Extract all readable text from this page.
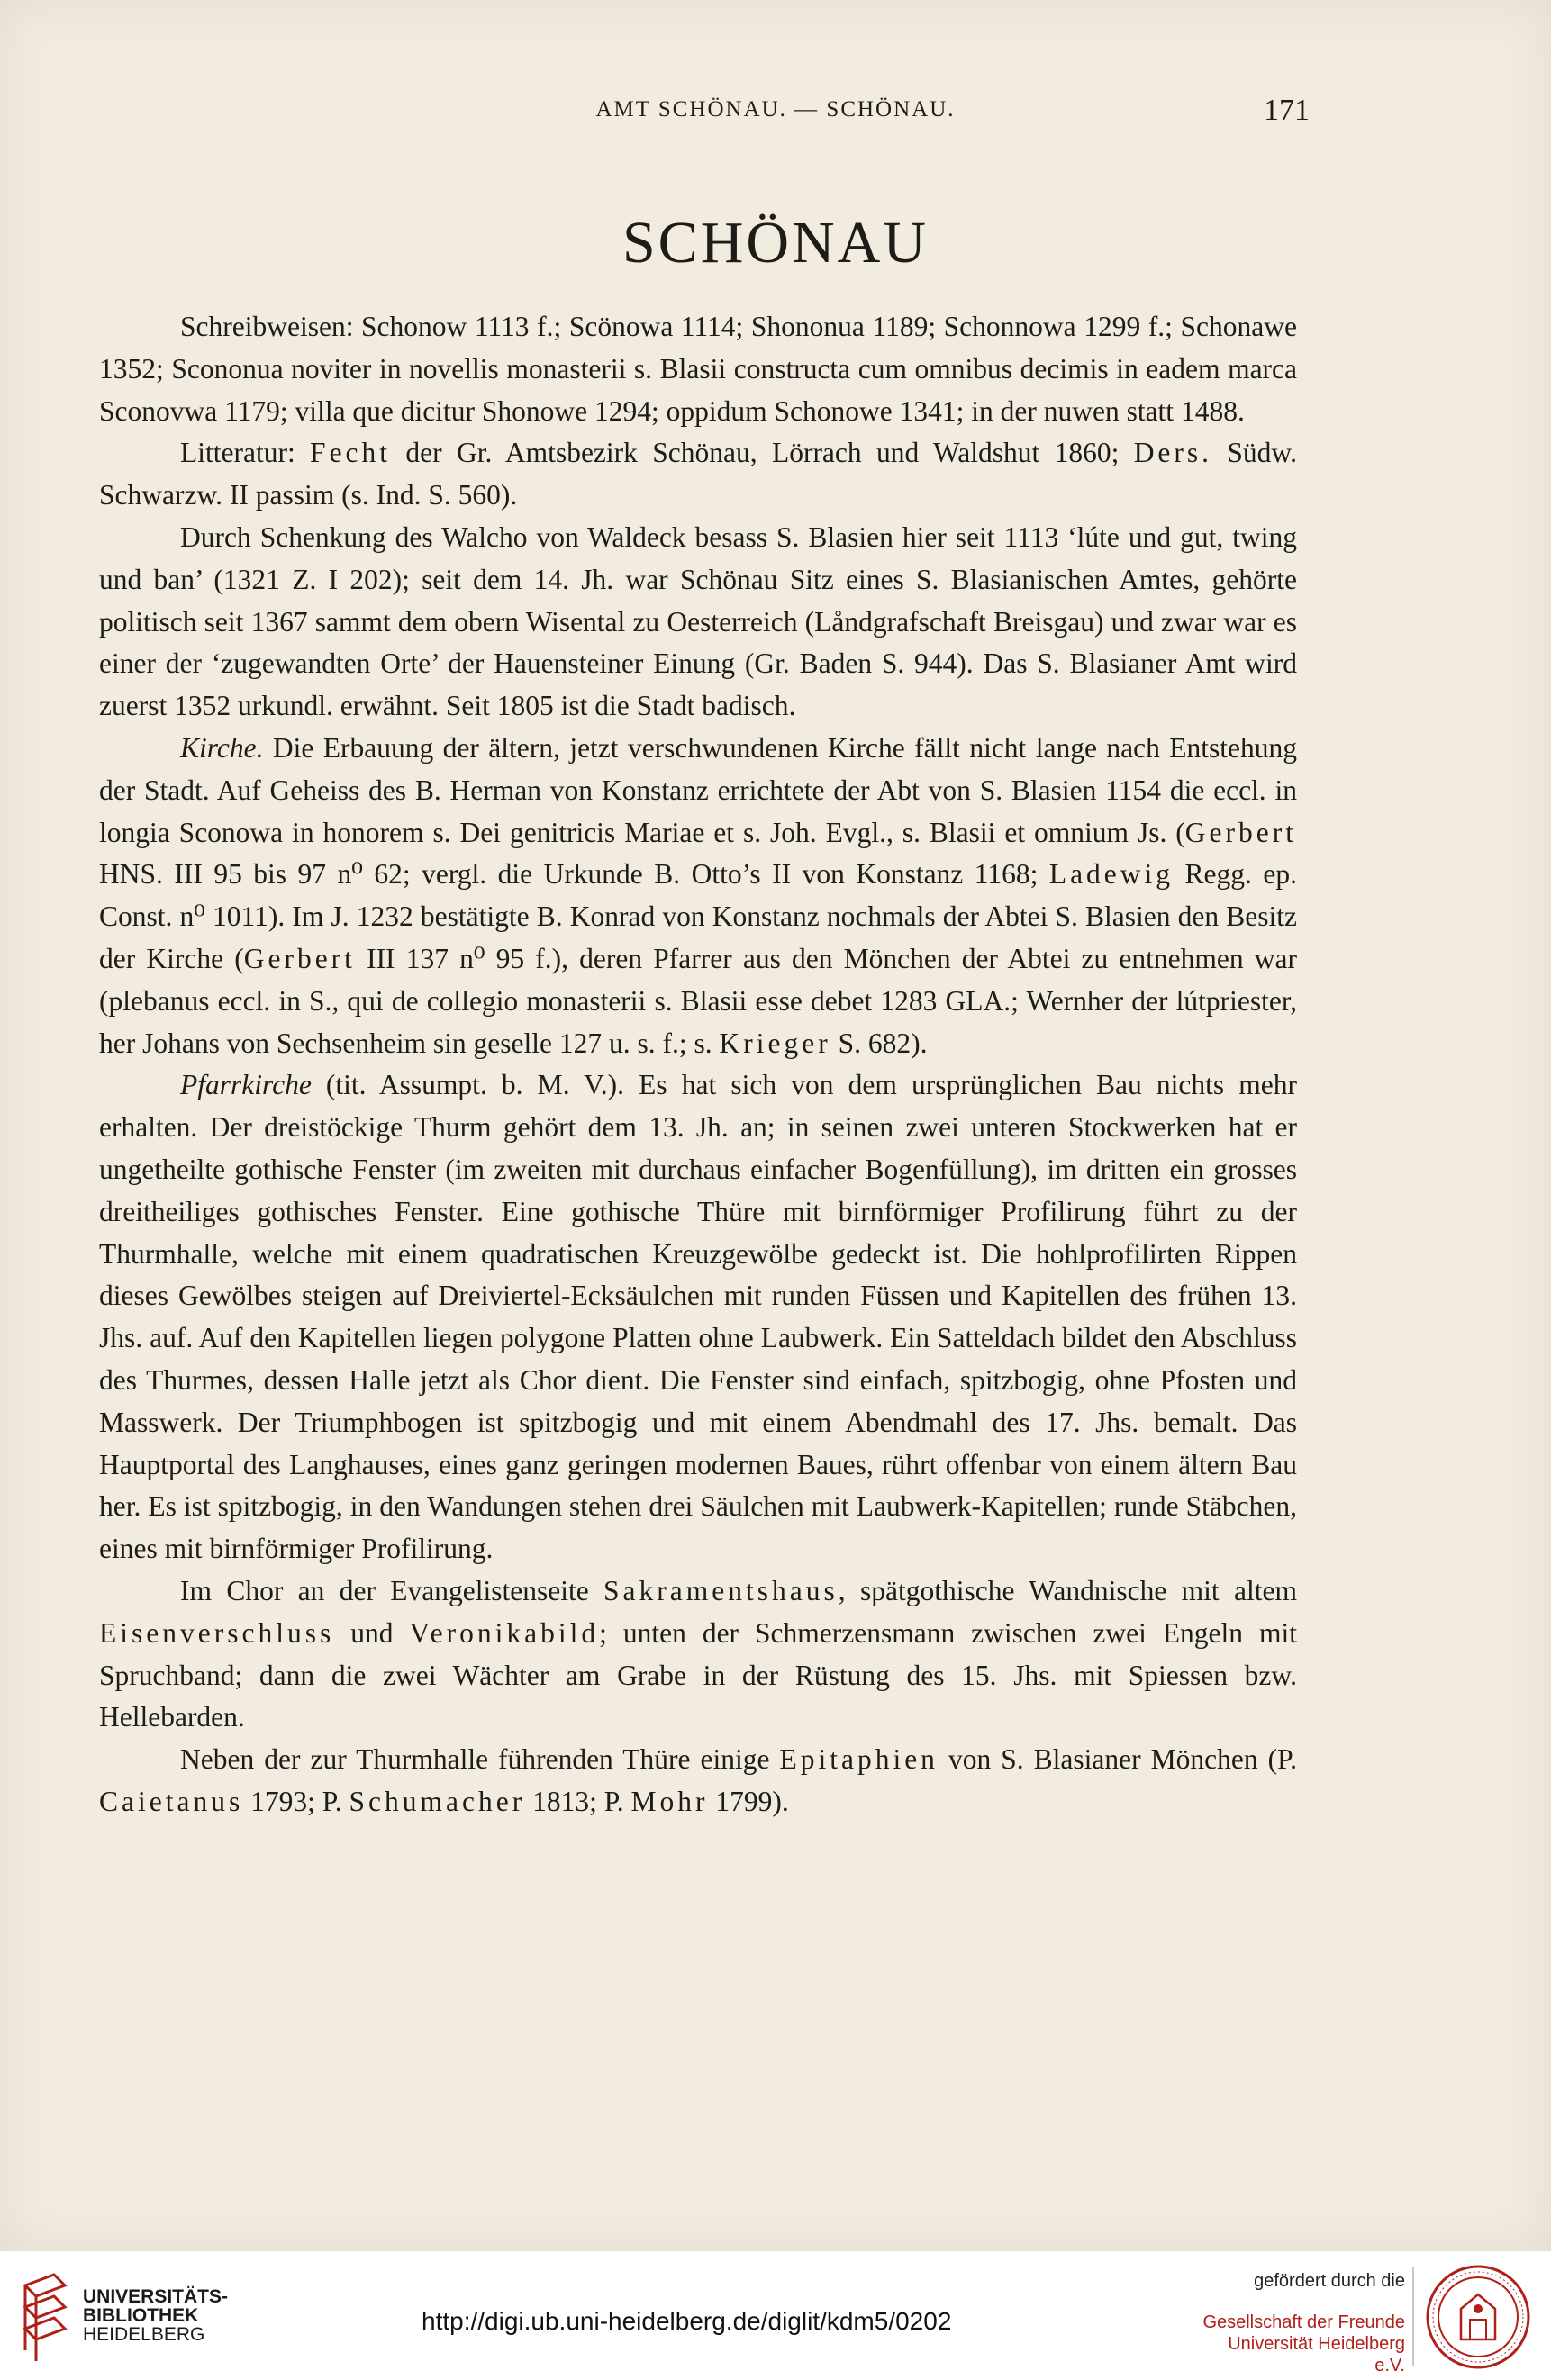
AMT SCHÖNAU. — SCHÖNAU.	171
SCHÖNAU

Schreibweisen: Schonow 1113 f.; Scönowa 1114; Shononua 1189; Schonnowa 1299 f.; Schonawe 1352; Scononua noviter in novellis monasterii s. Blasii constructa cum omnibus decimis in eadem marca Sconovwa 1179; villa que dicitur Shonowe 1294; oppidum Schonowe 1341; in der nuwen statt 1488.

Litteratur: Fecht der Gr. Amtsbezirk Schönau, Lörrach und Waldshut 1860; Ders. Südw. Schwarzw. II passim (s. Ind. S. 560).

Durch Schenkung des Walcho von Waldeck besass S. Blasien hier seit 1113 ‘lúte und gut, twing und ban’ (1321 Z. I 202); seit dem 14. Jh. war Schönau Sitz eines S. Blasianischen Amtes, gehörte politisch seit 1367 sammt dem obern Wisental zu Oesterreich (Låndgrafschaft Breisgau) und zwar war es einer der ‘zugewandten Orte’ der Hauensteiner Einung (Gr. Baden S. 944). Das S. Blasianer Amt wird zuerst 1352 urkundl. erwähnt. Seit 1805 ist die Stadt badisch.

Kirche. Die Erbauung der ältern, jetzt verschwundenen Kirche fällt nicht lange nach Entstehung der Stadt. Auf Geheiss des B. Herman von Konstanz errichtete der Abt von S. Blasien 1154 die eccl. in longia Sconowa in honorem s. Dei genitricis Mariae et s. Joh. Evgl., s. Blasii et omnium Js. (Gerbert HNS. III 95 bis 97 n⁰ 62; vergl. die Urkunde B. Otto’s II von Konstanz 1168; Ladewig Regg. ep. Const. n⁰ 1011). Im J. 1232 bestätigte B. Konrad von Konstanz nochmals der Abtei S. Blasien den Besitz der Kirche (Gerbert III 137 n⁰ 95 f.), deren Pfarrer aus den Mönchen der Abtei zu entnehmen war (plebanus eccl. in S., qui de collegio monasterii s. Blasii esse debet 1283 GLA.; Wernher der lútpriester, her Johans von Sechsenheim sin geselle 127 u. s. f.; s. Krieger S. 682).

Pfarrkirche (tit. Assumpt. b. M. V.). Es hat sich von dem ursprünglichen Bau nichts mehr erhalten. Der dreistöckige Thurm gehört dem 13. Jh. an; in seinen zwei unteren Stockwerken hat er ungetheilte gothische Fenster (im zweiten mit durchaus einfacher Bogenfüllung), im dritten ein grosses dreitheiliges gothisches Fenster. Eine gothische Thüre mit birnförmiger Profilirung führt zu der Thurmhalle, welche mit einem quadratischen Kreuzgewölbe gedeckt ist. Die hohlprofilirten Rippen dieses Gewölbes steigen auf Dreiviertel-Ecksäulchen mit runden Füssen und Kapitellen des frühen 13. Jhs. auf. Auf den Kapitellen liegen polygone Platten ohne Laubwerk. Ein Satteldach bildet den Abschluss des Thurmes, dessen Halle jetzt als Chor dient. Die Fenster sind einfach, spitzbogig, ohne Pfosten und Masswerk. Der Triumphbogen ist spitzbogig und mit einem Abendmahl des 17. Jhs. bemalt. Das Hauptportal des Langhauses, eines ganz geringen modernen Baues, rührt offenbar von einem ältern Bau her. Es ist spitzbogig, in den Wandungen stehen drei Säulchen mit Laubwerk-Kapitellen; runde Stäbchen, eines mit birnförmiger Profilirung.

Im Chor an der Evangelistenseite Sakramentshaus, spätgothische Wandnische mit altem Eisenverschluss und Veronikabild; unten der Schmerzensmann zwischen zwei Engeln mit Spruchband; dann die zwei Wächter am Grabe in der Rüstung des 15. Jhs. mit Spiessen bzw. Hellebarden.

Neben der zur Thurmhalle führenden Thüre einige Epitaphien von S. Blasianer Mönchen (P. Caietanus 1793; P. Schumacher 1813; P. Mohr 1799).

UNIVERSITÄTS-
BIBLIOTHEK
HEIDELBERG	http://digi.ub.uni-heidelberg.de/diglit/kdm5/0202
gefördert durch die
Gesellschaft der Freunde
Universität Heidelberg e.V.
